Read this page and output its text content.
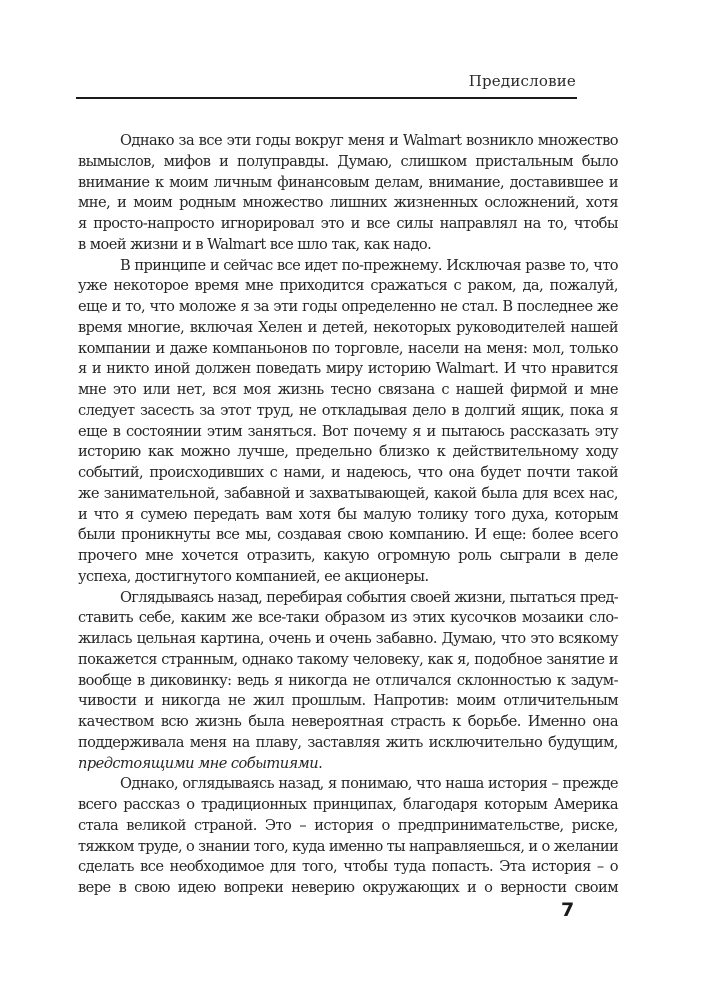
Предисловие
Однако за все эти годы вокруг меня и Walmart возникло множество
вымыслов, мифов и полуправды. Думаю, слишком пристальным было
внимание к моим личным финансовым делам, внимание, доставившее и
мне, и моим родным множество лишних жизненных осложнений, хотя
я просто-напросто игнорировал это и все силы направлял на то, чтобы
в моей жизни и в Walmart все шло так, как надо.
В принципе и сейчас все идет по-прежнему. Исключая разве то, что
уже некоторое время мне приходится сражаться с раком, да, пожалуй,
еще и то, что моложе я за эти годы определенно не стал. В последнее же
время многие, включая Хелен и детей, некоторых руководителей нашей
компании и даже компаньонов по торговле, насели на меня: мол, только
я и никто иной должен поведать миру историю Walmart. И что нравится
мне это или нет, вся моя жизнь тесно связана с нашей фирмой и мне
следует засесть за этот труд, не откладывая дело в долгий ящик, пока я
еще в состоянии этим заняться. Вот почему я и пытаюсь рассказать эту
историю как можно лучше, предельно близко к действительному ходу
событий, происходивших с нами, и надеюсь, что она будет почти такой
же занимательной, забавной и захватывающей, какой была для всех нас,
и что я сумею передать вам хотя бы малую толику того духа, которым
были проникнуты все мы, создавая свою компанию. И еще: более всего
прочего мне хочется отразить, какую огромную роль сыграли в деле
успеха, достигнутого компанией, ее акционеры.
Оглядываясь назад, перебирая события своей жизни, пытаться пред-
ставить себе, каким же все-таки образом из этих кусочков мозаики сло-
жилась цельная картина, очень и очень забавно. Думаю, что это всякому
покажется странным, однако такому человеку, как я, подобное занятие и
вообще в диковинку: ведь я никогда не отличался склонностью к задум-
чивости и никогда не жил прошлым. Напротив: моим отличительным
качеством всю жизнь была невероятная страсть к борьбе. Именно она
поддерживала меня на плаву, заставляя жить исключительно будущим,
предстоящими мне событиями.
Однако, оглядываясь назад, я понимаю, что наша история – прежде
всего рассказ о традиционных принципах, благодаря которым Америка
стала великой страной. Это – история о предпринимательстве, риске,
тяжком труде, о знании того, куда именно ты направляешься, и о желании
сделать все необходимое для того, чтобы туда попасть. Эта история – о
вере в свою идею вопреки неверию окружающих и о верности своим
7
